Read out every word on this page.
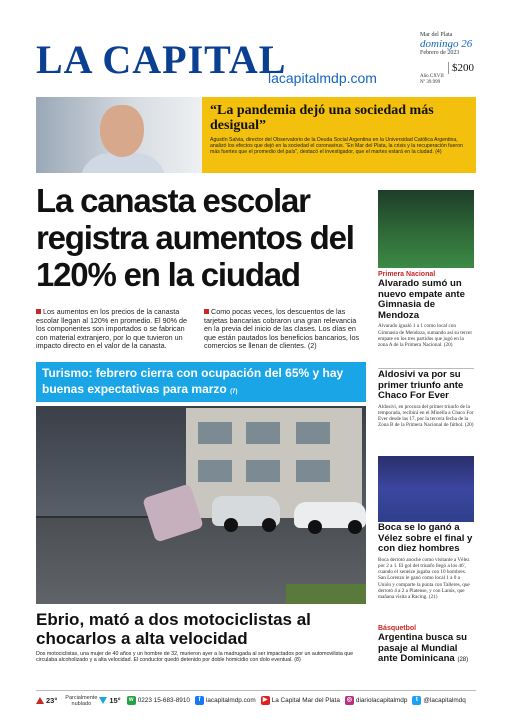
LA CAPITAL
lacapitalmdp.com
Mar del Plata
domingo 26
Febrero de 2023
Año CXVII
Nº 39.999
$200
“La pandemia dejó una sociedad más desigual”
Agustín Salvia, director del Observatorio de la Deuda Social Argentina en la Universidad Católica Argentina, analizó los efectos que dejó en la sociedad el coronavirus. “En Mar del Plata, la crisis y la recuperación fueron más fuertes que el promedio del país”, destacó el investigador, que el martes estará en la ciudad. (4)
La canasta escolar registra aumentos del 120% en la ciudad
Los aumentos en los precios de la canasta escolar llegan al 120% en promedio. El 90% de los componentes son importados o se fabrican con material extranjero, por lo que tuvieron un impacto directo en el valor de la canasta.
Como pocas veces, los descuentos de las tarjetas bancarias cobraron una gran relevancia en la previa del inicio de las clases. Los días en que están pautados los beneficios bancarios, los comercios se llenan de clientes. (2)
Turismo: febrero cierra con ocupación del 65% y hay buenas expectativas para marzo (7)
Ebrio, mató a dos motociclistas al chocarlos a alta velocidad
Dos motociclistas, una mujer de 40 años y un hombre de 32, murieron ayer a la madrugada al ser impactados por un automovilista que circulaba alcoholizado y a alta velocidad. El conductor quedó detenido por doble homicidio con dolo eventual. (8)
Primera Nacional
Alvarado sumó un nuevo empate ante Gimnasia de Mendoza
Alvarado igualó 1 a 1 como local con Gimnasia de Mendoza, sumando así su tercer empate en los tres partidos que jugó en la zona A de la Primera Nacional. (20)
Aldosivi va por su primer triunfo ante Chaco For Ever
Aldosivi, en procura del primer triunfo de la temporada, recibirá en el Minella a Chaco For Ever desde las 17, por la tercera fecha de la Zona B de la Primera Nacional de fútbol. (20)
Boca se lo ganó a Vélez sobre el final y con diez hombres
Boca derrotó anoche como visitante a Vélez por 2 a 1. El gol del triunfo llegó a los 46', cuando el xeneize jugaba con 10 hombres. San Lorenzo le ganó como local 1 a 0 a Unión y comparte la punta con Talleres, que derrotó 4 a 2 a Platense, y con Lanús, que mañana visita a Racing. (21)
Básquetbol
Argentina busca su pasaje al Mundial ante Dominicana (28)
23°	Parcialmente nublado	15°	w 0223 15-683-8910	f lacapitalmdp.com	▶ La Capital Mar del Plata	◎ diariolacapitalmdp	t @lacapitalmdq
